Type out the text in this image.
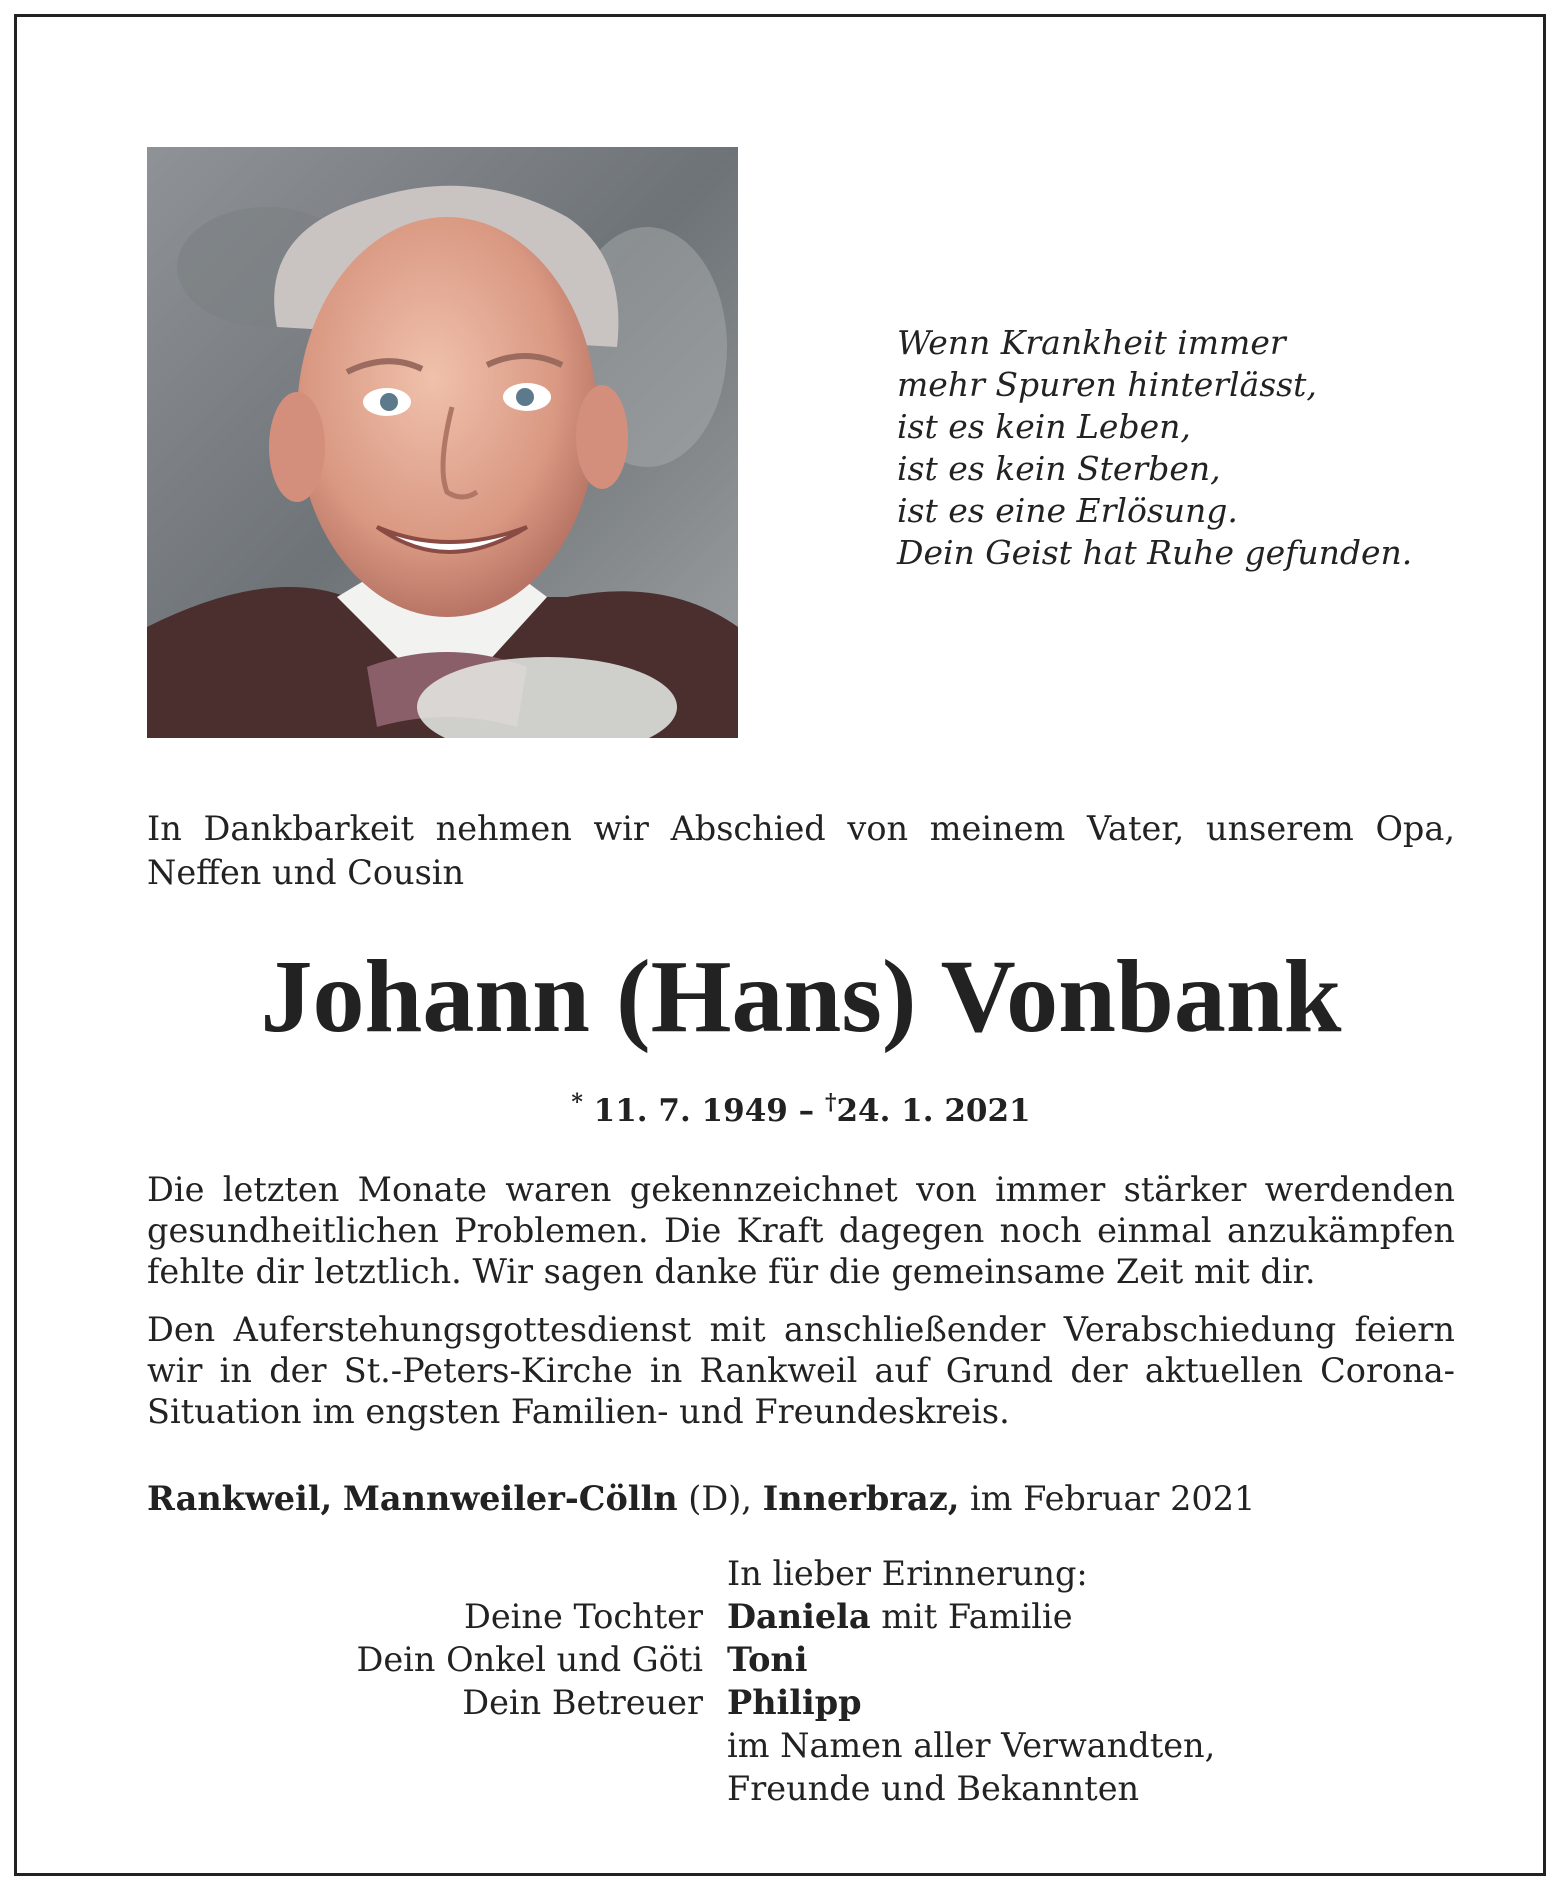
Wenn Krankheit immer
mehr Spuren hinterlässt,
ist es kein Leben,
ist es kein Sterben,
ist es eine Erlösung.
Dein Geist hat Ruhe gefunden.

In Dankbarkeit nehmen wir Abschied von meinem Vater, unserem Opa,
Neffen und Cousin

Johann (Hans) Vonbank

* 11. 7. 1949 – †24. 1. 2021

Die letzten Monate waren gekennzeichnet von immer stärker werdenden
gesundheitlichen Problemen. Die Kraft dagegen noch einmal anzukämpfen
fehlte dir letztlich. Wir sagen danke für die gemeinsame Zeit mit dir.

Den Auferstehungsgottesdienst mit anschließender Verabschiedung feiern
wir in der St.-Peters-Kirche in Rankweil auf Grund der aktuellen Corona-
Situation im engsten Familien- und Freundeskreis.

Rankweil, Mannweiler-Cölln (D), Innerbraz, im Februar 2021

In lieber Erinnerung:
Deine Tochter Daniela mit Familie
Dein Onkel und Göti Toni
Dein Betreuer Philipp
im Namen aller Verwandten,
Freunde und Bekannten
